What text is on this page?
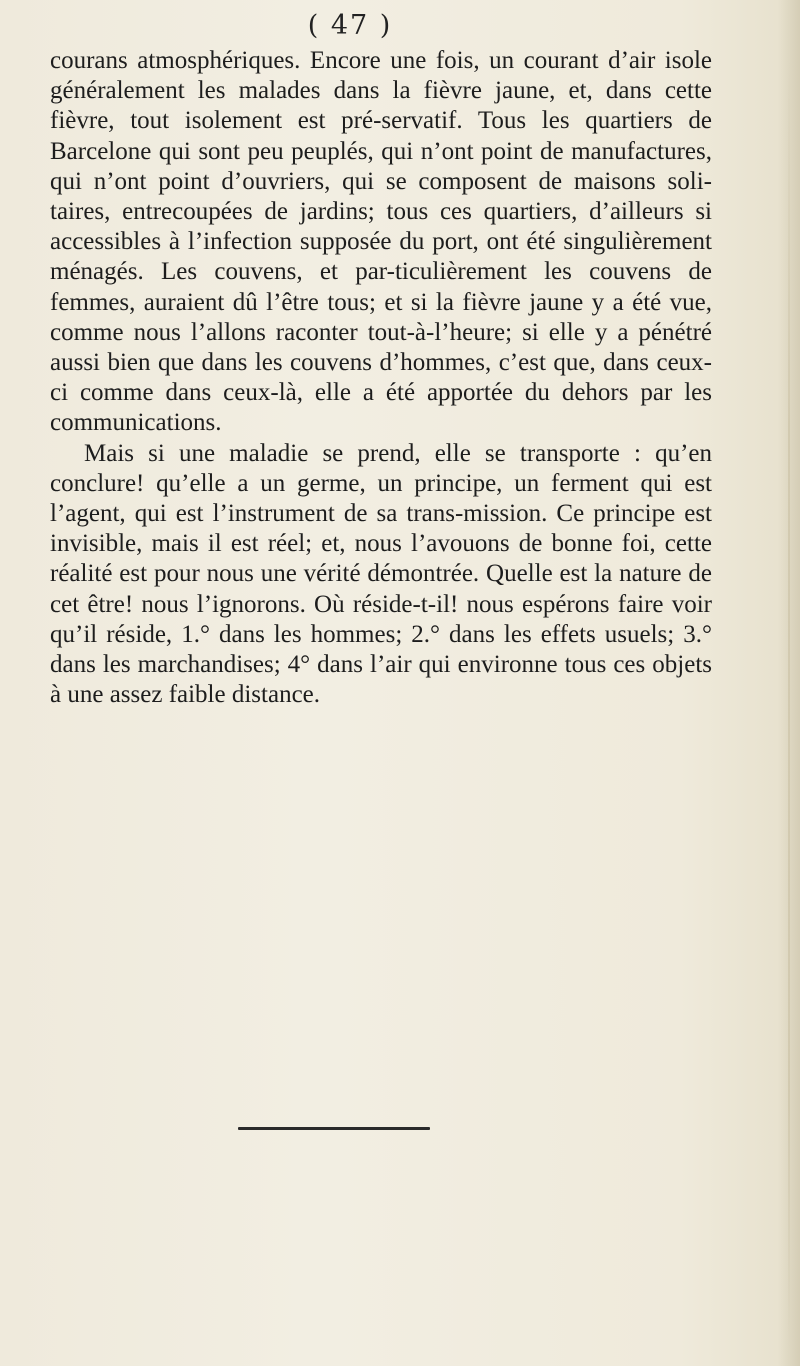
( 47 )

courans atmosphériques. Encore une fois, un courant d’air isole généralement les malades dans la fièvre jaune, et, dans cette fièvre, tout isolement est pré-servatif. Tous les quartiers de Barcelone qui sont peu peuplés, qui n’ont point de manufactures, qui n’ont point d’ouvriers, qui se composent de maisons soli-taires, entrecoupées de jardins; tous ces quartiers, d’ailleurs si accessibles à l’infection supposée du port, ont été singulièrement ménagés. Les couvens, et par-ticulièrement les couvens de femmes, auraient dû l’être tous; et si la fièvre jaune y a été vue, comme nous l’allons raconter tout-à-l’heure; si elle y a pénétré aussi bien que dans les couvens d’hommes, c’est que, dans ceux-ci comme dans ceux-là, elle a été apportée du dehors par les communications.

Mais si une maladie se prend, elle se transporte : qu’en conclure! qu’elle a un germe, un principe, un ferment qui est l’agent, qui est l’instrument de sa trans-mission. Ce principe est invisible, mais il est réel; et, nous l’avouons de bonne foi, cette réalité est pour nous une vérité démontrée. Quelle est la nature de cet être! nous l’ignorons. Où réside-t-il! nous espérons faire voir qu’il réside, 1.° dans les hommes; 2.° dans les effets usuels; 3.° dans les marchandises; 4° dans l’air qui environne tous ces objets à une assez faible distance.
